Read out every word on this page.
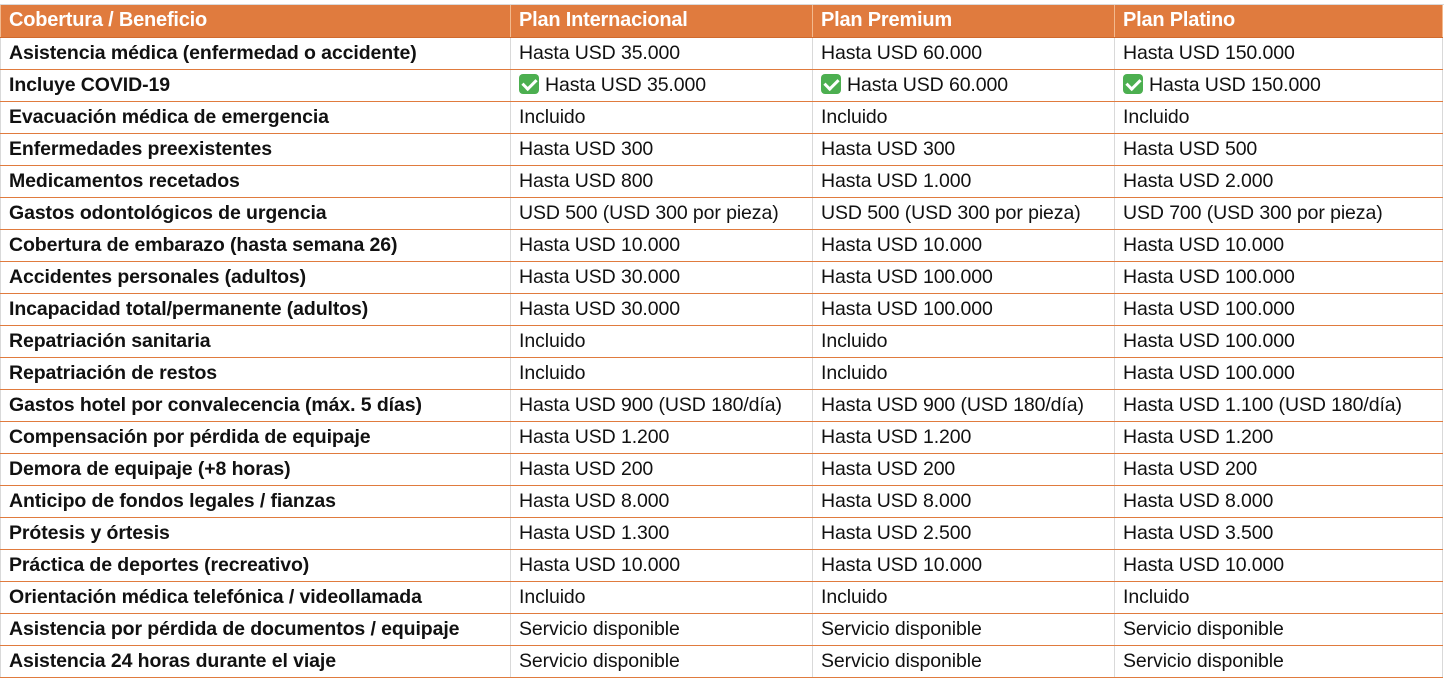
Cobertura / Beneficio	Plan Internacional	Plan Premium	Plan Platino
Asistencia médica (enfermedad o accidente)	Hasta USD 35.000	Hasta USD 60.000	Hasta USD 150.000
Incluye COVID-19	Hasta USD 35.000	Hasta USD 60.000	Hasta USD 150.000
Evacuación médica de emergencia	Incluido	Incluido	Incluido
Enfermedades preexistentes	Hasta USD 300	Hasta USD 300	Hasta USD 500
Medicamentos recetados	Hasta USD 800	Hasta USD 1.000	Hasta USD 2.000
Gastos odontológicos de urgencia	USD 500 (USD 300 por pieza)	USD 500 (USD 300 por pieza)	USD 700 (USD 300 por pieza)
Cobertura de embarazo (hasta semana 26)	Hasta USD 10.000	Hasta USD 10.000	Hasta USD 10.000
Accidentes personales (adultos)	Hasta USD 30.000	Hasta USD 100.000	Hasta USD 100.000
Incapacidad total/permanente (adultos)	Hasta USD 30.000	Hasta USD 100.000	Hasta USD 100.000
Repatriación sanitaria	Incluido	Incluido	Hasta USD 100.000
Repatriación de restos	Incluido	Incluido	Hasta USD 100.000
Gastos hotel por convalecencia (máx. 5 días)	Hasta USD 900 (USD 180/día)	Hasta USD 900 (USD 180/día)	Hasta USD 1.100 (USD 180/día)
Compensación por pérdida de equipaje	Hasta USD 1.200	Hasta USD 1.200	Hasta USD 1.200
Demora de equipaje (+8 horas)	Hasta USD 200	Hasta USD 200	Hasta USD 200
Anticipo de fondos legales / fianzas	Hasta USD 8.000	Hasta USD 8.000	Hasta USD 8.000
Prótesis y órtesis	Hasta USD 1.300	Hasta USD 2.500	Hasta USD 3.500
Práctica de deportes (recreativo)	Hasta USD 10.000	Hasta USD 10.000	Hasta USD 10.000
Orientación médica telefónica / videollamada	Incluido	Incluido	Incluido
Asistencia por pérdida de documentos / equipaje	Servicio disponible	Servicio disponible	Servicio disponible
Asistencia 24 horas durante el viaje	Servicio disponible	Servicio disponible	Servicio disponible
